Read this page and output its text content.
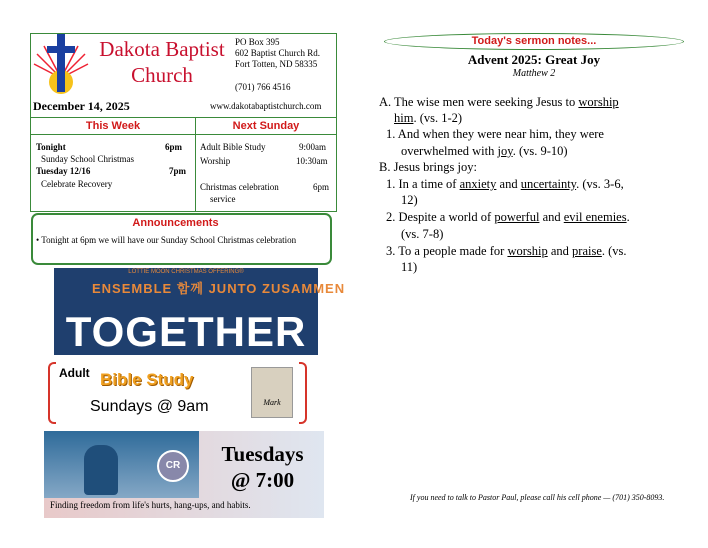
Dakota Baptist
Church
PO Box 395
602 Baptist Church Rd.
Fort Totten, ND 58335
(701) 766 4516
December 14, 2025	www.dakotabaptistchurch.com
This Week	Next Sunday
Tonight	6pm
Sunday School Christmas
Tuesday 12/16	7pm
Celebrate Recovery
Adult Bible Study	9:00am
Worship	10:30am
Christmas celebration	6pm
service
Announcements
• Tonight at 6pm we will have our Sunday School Christmas celebration
LOTTIE MOON CHRISTMAS OFFERING®
ENSEMBLE 함께 JUNTO ZUSAMMEN
TOGETHER
Adult Bible Study
Sundays @ 9am	Mark
CR	Tuesdays
@ 7:00
Finding freedom from life's hurts, hang-ups, and habits.
Today's sermon notes...
Advent 2025: Great Joy
Matthew 2
A. The wise men were seeking Jesus to worship
him. (vs. 1-2)
1. And when they were near him, they were
overwhelmed with joy. (vs. 9-10)
B. Jesus brings joy:
1. In a time of anxiety and uncertainty. (vs. 3-6,
12)
2. Despite a world of powerful and evil enemies.
(vs. 7-8)
3. To a people made for worship and praise. (vs.
11)
If you need to talk to Pastor Paul, please call his cell phone — (701) 350-8093.
